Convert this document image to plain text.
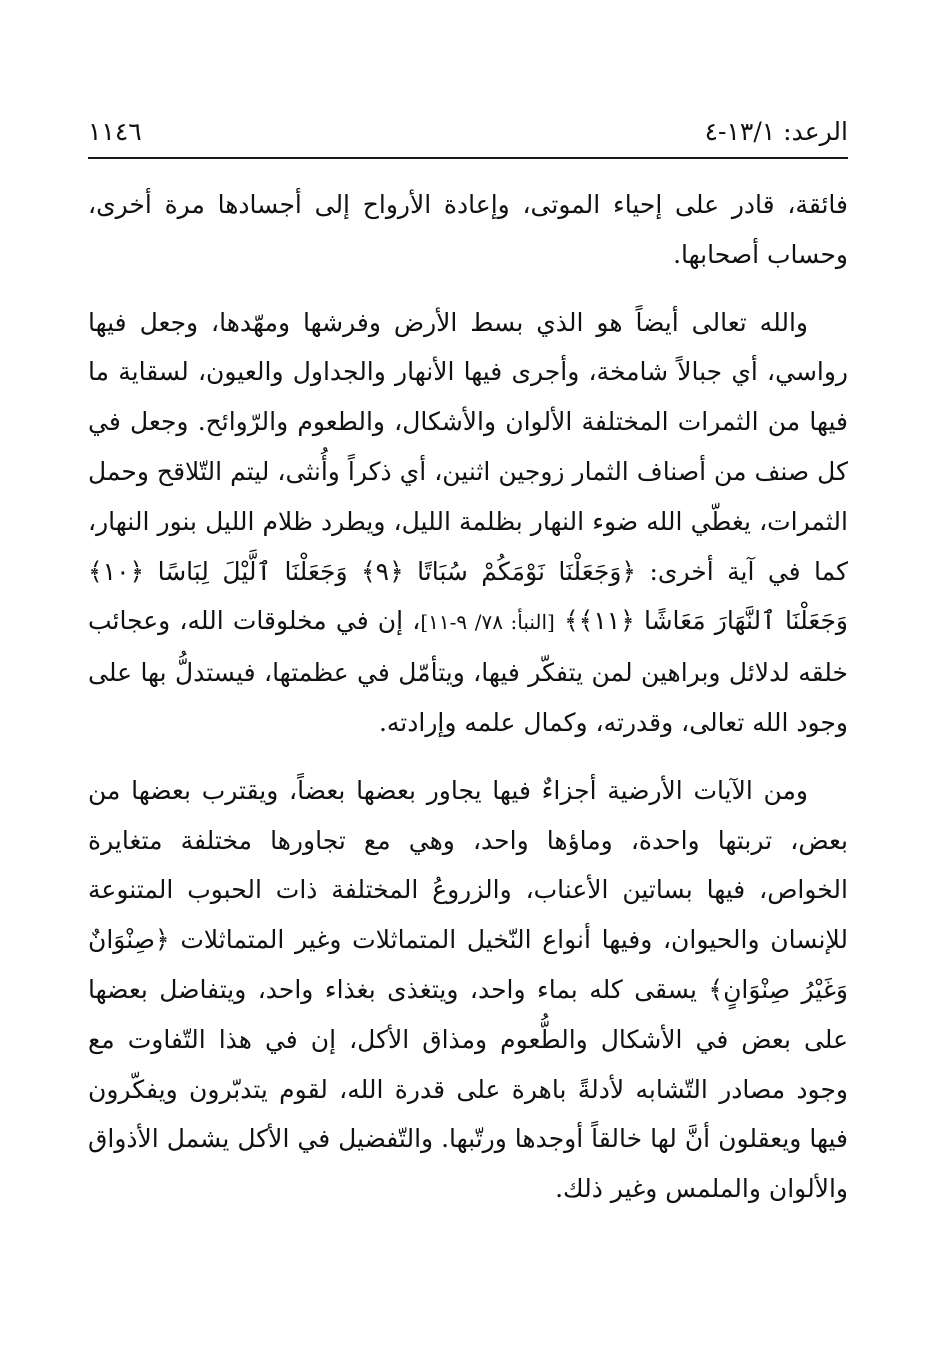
الرعد: ١٣/١-٤
١١٤٦

فائقة، قادر على إحياء الموتى، وإعادة الأرواح إلى أجسادها مرة أخرى، وحساب أصحابها.

والله تعالى أيضاً هو الذي بسط الأرض وفرشها ومهّدها، وجعل فيها رواسي، أي جبالاً شامخة، وأجرى فيها الأنهار والجداول والعيون، لسقاية ما فيها من الثمرات المختلفة الألوان والأشكال، والطعوم والرّوائح. وجعل في كل صنف من أصناف الثمار زوجين اثنين، أي ذكراً وأُنثى، ليتم التّلاقح وحمل الثمرات، يغطّي الله ضوء النهار بظلمة الليل، ويطرد ظلام الليل بنور النهار، كما في آية أخرى: ﴿وَجَعَلْنَا نَوْمَكُمْ سُبَاتًا ﴿٩﴾ وَجَعَلْنَا ٱلَّيْلَ لِبَاسًا ﴿١٠﴾ وَجَعَلْنَا ٱلنَّهَارَ مَعَاشًا ﴿١١﴾﴾ [النبأ: ٧٨/ ٩-١١]، إن في مخلوقات الله، وعجائب خلقه لدلائل وبراهين لمن يتفكّر فيها، ويتأمّل في عظمتها، فيستدلُّ بها على وجود الله تعالى، وقدرته، وكمال علمه وإرادته.

ومن الآيات الأرضية أجزاءٌ فيها يجاور بعضها بعضاً، ويقترب بعضها من بعض، تربتها واحدة، وماؤها واحد، وهي مع تجاورها مختلفة متغايرة الخواص، فيها بساتين الأعناب، والزروعُ المختلفة ذات الحبوب المتنوعة للإنسان والحيوان، وفيها أنواع النّخيل المتماثلات وغير المتماثلات ﴿صِنْوَانٌ وَغَيْرُ صِنْوَانٍ﴾ يسقى كله بماء واحد، ويتغذى بغذاء واحد، ويتفاضل بعضها على بعض في الأشكال والطُّعوم ومذاق الأكل، إن في هذا التّفاوت مع وجود مصادر التّشابه لأدلةً باهرة على قدرة الله، لقوم يتدبّرون ويفكّرون فيها ويعقلون أنَّ لها خالقاً أوجدها ورتّبها. والتّفضيل في الأكل يشمل الأذواق والألوان والملمس وغير ذلك.
